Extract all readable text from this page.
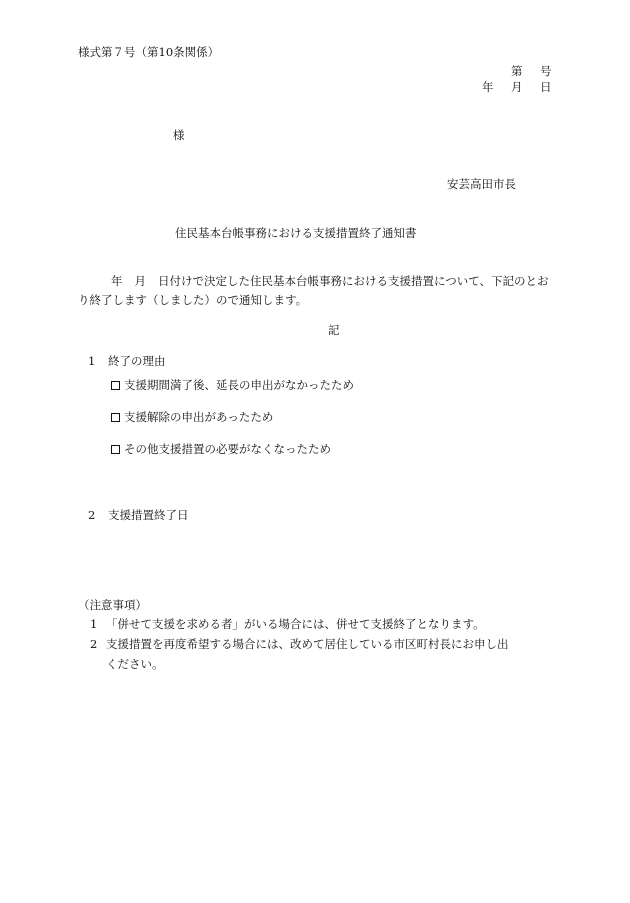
様式第７号（第10条関係）
第 号
年 月 日
様
安芸高田市長
住民基本台帳事務における支援措置終了通知書
年 月 日付けで決定した住民基本台帳事務における支援措置について、下記のとおり終了します（しました）ので通知します。
記
1 終了の理由
支援期間満了後、延長の申出がなかったため
支援解除の申出があったため
その他支援措置の必要がなくなったため
2 支援措置終了日
（注意事項）
1 「併せて支援を求める者」がいる場合には、併せて支援終了となります。
2 支援措置を再度希望する場合には、改めて居住している市区町村長にお申し出
ください。
